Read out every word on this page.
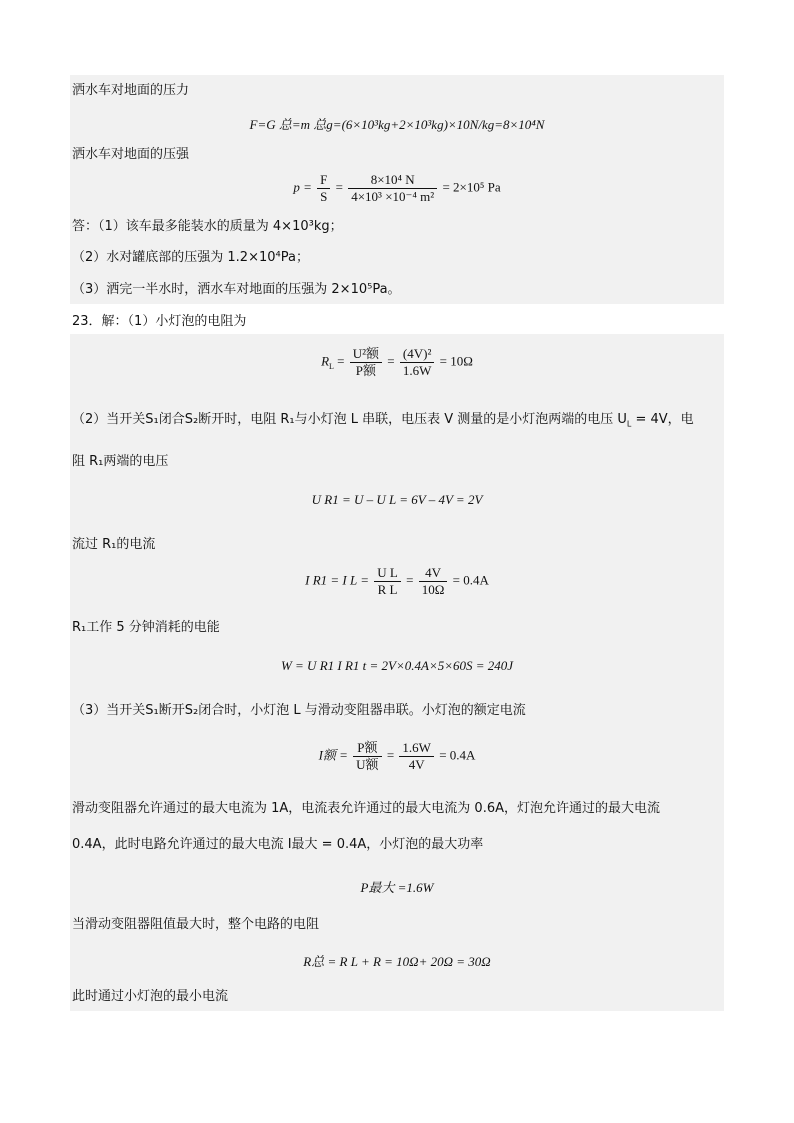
洒水车对地面的压力
F=G 总=m 总g=(6×10³kg+2×10³kg)×10N/kg=8×10⁴N
洒水车对地面的压强
$p = \frac{F}{S} = \frac{\text{8×10⁴ N}}{\text{4×10³ ×10⁻⁴ m²}} = 2\times 10^5$ Pa
答：（1）该车最多能装水的质量为 4×10³kg；
（2）水对罐底部的压强为 1.2×10⁴Pa；
（3）洒完一半水时，洒水车对地面的压强为 2×10⁵Pa。
23．解：（1）小灯泡的电阻为
$R_L = \frac{\text{U²额}}{\text{P额}} = \frac{\text{(4V)²}}{1.6W} = 10\Omega$
（2）当开关S₁闭合S₂断开时，电阻 R₁与小灯泡 L 串联，电压表 V 测量的是小灯泡两端的电压 $U_L = 4V$，电
阻 R₁两端的电压
U R1 = U – U L = 6V – 4V = 2V
流过 R₁的电流
I R1 = I $L = \frac{\text{U L}}{\text{R L}} = \frac{4V}{10\Omega} = 0.4A$
R₁工作 5 分钟消耗的电能
W = U R1 I R1 t = 2V×0.4A×5×60S = 240J
（3）当开关S₁断开S₂闭合时，小灯泡 L 与滑动变阻器串联。小灯泡的额定电流
I额 = $\frac{\text{P额}}{\text{U额}} = \frac{1.6W}{4V} = 0.4A$
滑动变阻器允许通过的最大电流为 1A，电流表允许通过的最大电流为 0.6A，灯泡允许通过的最大电流
0.4A，此时电路允许通过的最大电流 I最大 = 0.4A，小灯泡的最大功率
P最大 =1.6W
当滑动变阻器阻值最大时，整个电路的电阻
R总 = R L + R = 10Ω+ 20Ω = 30Ω
此时通过小灯泡的最小电流
